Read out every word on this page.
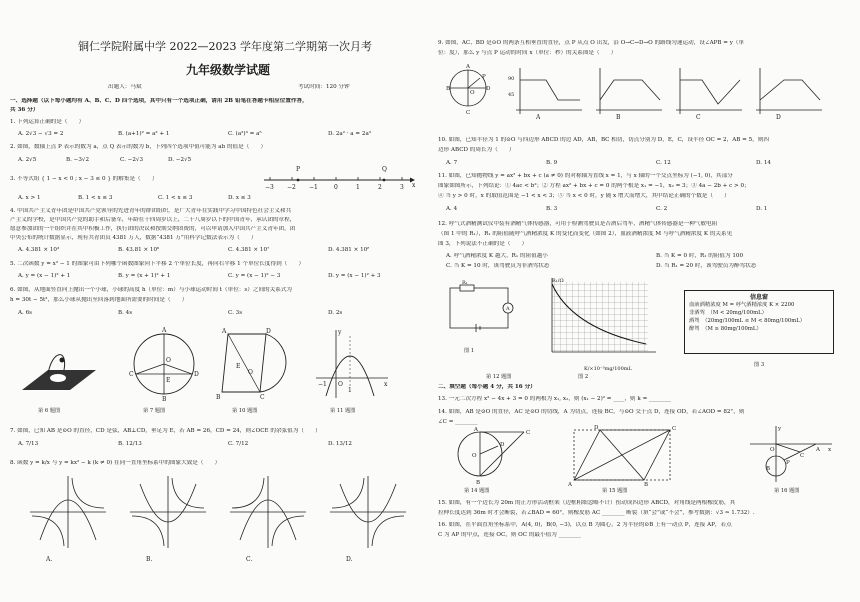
铜仁学院附属中学 2022—2023 学年度第二学期第一次月考
九年级数学试题
出题人：马斌	考试时间：120 分钟
一、选择题（以下每小题均有 A、B、C、D 四个选项，其中只有一个选项正确，请用 2B 铅笔在答题卡相应位置作答，
共 36 分）
1. 下列运算正确的是（　　）
A. 2√3 − √3 = 2	B. (a+1)² = a² + 1	C. (a²)³ = a⁵	D. 2a² · a = 2a³
2. 如图，数轴上点 P 表示的数为 a，点 Q 表示的数为 b，下列四个选项中值可能为 ab 的值是（　　）
A. 2√5	B. −3√2	C. −2√3	D. −2√5
−3 −2 −1	0	1	2	3
P	Q
x
3. 不等式组 { 1 − x < 0 ; x − 3 ≤ 0 } 的解集是（　　）
A. x > 1	B. 1 < x ≤ 3	C. 1 < x ≤ 3	D. x ≤ 3
4. 中国共产主义青年团是中国共产党领导的先进青年的群团组织，是广大青年在实践中学习中国特色社会主义和共
产主义的学校，是中国共产党的助手和后备军，年龄在十四周岁以上，二十八周岁以下的中国青年，承认团的章程，
愿意参加团的一个组织并在其中积极工作，执行团的决议和按期交纳团费的，可以申请加入中国共产主义青年团，团
中央公布的统计数据显示，现有共青团员 4381 万人，数据“4381 万”用科学记数法表示为（　　）
A. 4.381 × 10³	B. 43.81 × 10⁶	C. 4.381 × 10⁷	D. 4.381 × 10⁸
5. 二次函数 y = x² − 1 的图象可由下列哪个函数图象向下平移 2 个单位长度，再向右平移 1 个单位长度得到（　　）
A. y = (x − 1)² + 1	B. y = (x + 1)² + 1	C. y = (x − 1)² − 3	D. y = (x − 1)² + 3
6. 如图，从地面竖直向上抛出一个小球，小球的高度 h（单位：m）与小球运动时间 t（单位：s）之间的关系式为
h = 30t − 5t²，那么小球从抛出至回落到地面所需要的时间是（　　）
A. 6s	B. 4s	C. 3s	D. 2s
A
B
C	D
O
E
A	D
B	C
E
O
x
y
1
−1 O
第 6 题图	第 7 题图	第 10 题图	第 11 题图
7. 如图，已知 AB 是⊙O 的直径，CD 是弦，AB⊥CD，垂足为 E，若 AB = 26，CD = 24，则∠OCE 的余弦值为（　　）
A. 7/13	B. 12/13	C. 7/12	D. 13/12
8. 函数 y = k/x 与 y = kx² − k (k ≠ 0) 在同一直角坐标系中的图象大致是（　　）
A.	B.	C.	D.
9. 如图，AC、BD 是⊙O 的两条互相垂直的直径，点 P 从点 O 出发，沿 O→C→D→O 的路线匀速运动，设∠APB = y（单
位：度），那么 y 与点 P 运动的时间 x（单位：秒）的关系图是（　　）
A
C
B	D
O
P	90
45
A	B	C	D
10. 如图，已知半径为 1 的⊙O 与四边形 ABCD 的边 AD，AB，BC 相切，切点分别为 D，E，C，设半径 OC = 2，AB = 5，则四
边形 ABCD 的周长为（　　）
A. 7	B. 9	C. 12	D. 14
11. 如图，已知抛物线 y = ax² + bx + c (a ≠ 0) 的对称轴为直线 x = 1，与 x 轴的一个交点坐标为 (−1, 0)，其部分
图象如图所示，下列结论：① 4ac < b²；② 方程 ax² + bx + c = 0 的两个根是 x₁ = −1，x₂ = 3；③ 4a − 2b + c > 0；
④ 当 y > 0 时，x 的取值范围是 −1 < x < 3；⑤ 当 x < 0 时，y 随 x 增大而增大，其中结论正确的个数是（　　）
A. 4	B. 3	C. 2	D. 1
12. 呼气式酒精测试仪中装有酒精气体传感器，可用于检测驾驶员是否酒后驾车，酒精气体传感器是一种气敏电阻
（图 1 中的 R₁），R₁ 的阻值随呼气酒精浓度 K 的变化而变化（如图 2），血液酒精浓度 M 与呼气酒精浓度 K 的关系见
图 3，下列说法不正确的是（　　）
A. 呼气酒精浓度 K 越大，R₁ 的阻值越小	B. 当 K = 0 时，R₁ 的阻值为 100
C. 当 K = 10 时，该驾驶员为非酒驾状态	D. 当 R₁ = 20 时，该驾驶员为醉驾状态
R₁
A
图 1
R₁/Ω
K/×10⁻³mg/100mL
图 2
第 12 题图
信息窗
血液酒精浓度 M = 呼气酒精浓度 K × 2200
非酒驾　（M < 20mg/100mL）
酒驾　（20mg/100mL ≤ M < 80mg/100mL）
醉驾　（M ≥ 80mg/100mL）
图 3
二、填空题（每小题 4 分，共 16 分）
13. 一元二次方程 x² − 4x + 3 = 0 的两根为 x₁, x₂，则 (x₁ − 2)² = ____，则 k = ________
14. 如图，AB 是⊙O 的直径，AC 是⊙O 的切线，A 为切点，连接 BC，与⊙O 交于点 D，连接 OD，若∠AOD = 82°，则
∠C = ________
A	C
B
D
O
A	B
C
D
x
y
A
B
P
C
O
第 14 题图	第 15 题图	第 16 题图
15. 如图，有一个边长为 20m 的正方形活动框架（边框粗细忽略不计）扭动成四边形 ABCD，对角线是两根橡皮筋，其
拉伸长度达到 36m 时才会断裂，若∠BAD = 60°，则橡皮筋 AC ________ 断裂（填“会”或“不会”，参考数据：√3 ≈ 1.732）.
16. 如图，在平面直角坐标系中，A(4, 0)，B(0, −3)，以点 B 为圆心，2 为半径的⊙B 上有一动点 P，连接 AP，若点
C 为 AP 的中点，连接 OC，则 OC 的最小值为 ________
